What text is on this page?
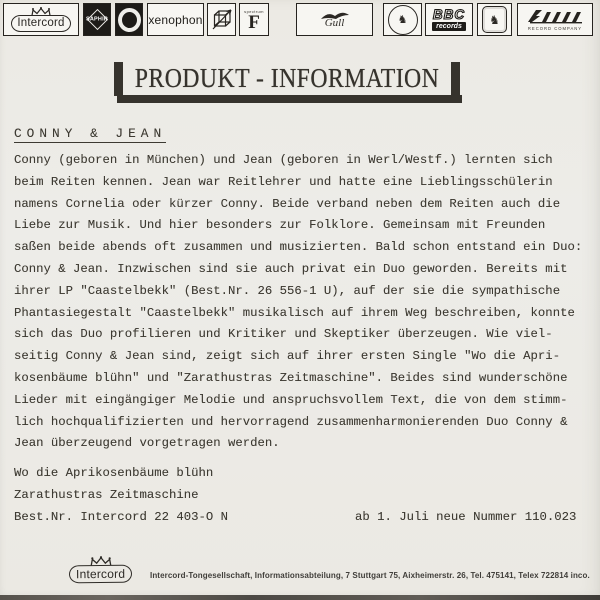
Intercord	SAPHIR	xenophon
spectrum
F	Gull	♞	BBC
records	♞
RECORD COMPANY
PRODUKT - INFORMATION
CONNY & JEAN
Conny (geboren in München) und Jean (geboren in Werl/Westf.) lernten sich
beim Reiten kennen. Jean war Reitlehrer und hatte eine Lieblingsschülerin
namens Cornelia oder kürzer Conny. Beide verband neben dem Reiten auch die
Liebe zur Musik. Und hier besonders zur Folklore. Gemeinsam mit Freunden
saßen beide abends oft zusammen und musizierten. Bald schon entstand ein Duo:
Conny & Jean. Inzwischen sind sie auch privat ein Duo geworden. Bereits mit
ihrer LP "Caastelbekk" (Best.Nr. 26 556-1 U), auf der sie die sympathische
Phantasiegestalt "Caastelbekk" musikalisch auf ihrem Weg beschreiben, konnte
sich das Duo profilieren und Kritiker und Skeptiker überzeugen. Wie viel-
seitig Conny & Jean sind, zeigt sich auf ihrer ersten Single "Wo die Apri-
kosenbäume blühn" und "Zarathustras Zeitmaschine". Beides sind wunderschöne
Lieder mit eingängiger Melodie und anspruchsvollem Text, die von dem stimm-
lich hochqualifizierten und hervorragend zusammenharmonierenden Duo Conny &
Jean überzeugend vorgetragen werden.
Wo die Aprikosenbäume blühn
Zarathustras Zeitmaschine
Best.Nr. Intercord 22 403-O N	ab 1. Juli neue Nummer 110.023
Intercord	Intercord-Tongesellschaft, Informationsabteilung, 7 Stuttgart 75, Aixheimerstr. 26, Tel. 475141, Telex 722814 inco.
